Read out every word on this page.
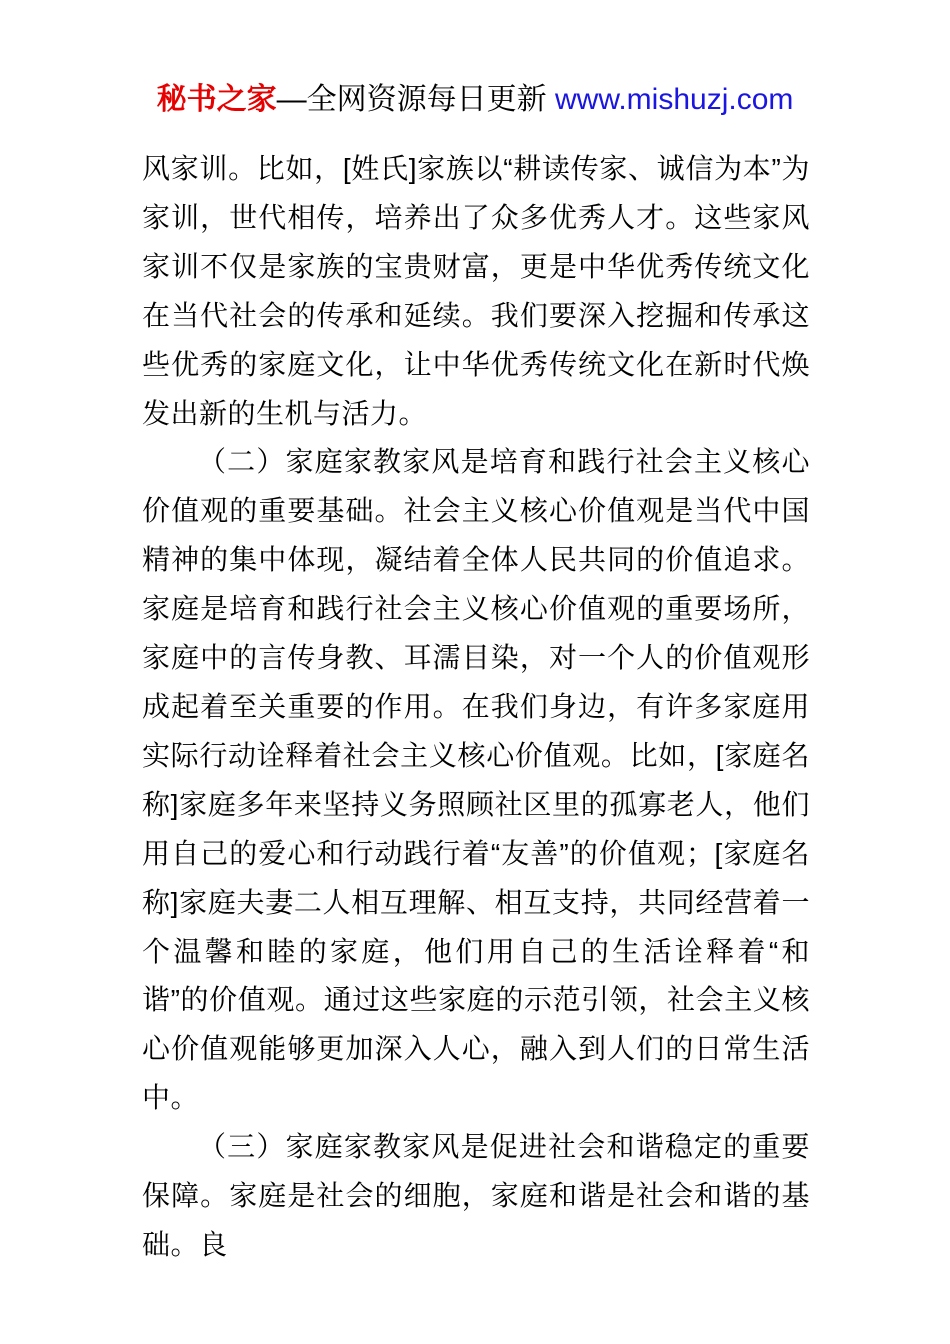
秘书之家—全网资源每日更新 www.mishuzj.com

风家训。比如，[姓氏]家族以“耕读传家、诚信为本”为家训，世代相传，培养出了众多优秀人才。这些家风家训不仅是家族的宝贵财富，更是中华优秀传统文化在当代社会的传承和延续。我们要深入挖掘和传承这些优秀的家庭文化，让中华优秀传统文化在新时代焕发出新的生机与活力。

（二）家庭家教家风是培育和践行社会主义核心价值观的重要基础。社会主义核心价值观是当代中国精神的集中体现，凝结着全体人民共同的价值追求。家庭是培育和践行社会主义核心价值观的重要场所，家庭中的言传身教、耳濡目染，对一个人的价值观形成起着至关重要的作用。在我们身边，有许多家庭用实际行动诠释着社会主义核心价值观。比如，[家庭名称]家庭多年来坚持义务照顾社区里的孤寡老人，他们用自己的爱心和行动践行着“友善”的价值观；[家庭名称]家庭夫妻二人相互理解、相互支持，共同经营着一个温馨和睦的家庭，他们用自己的生活诠释着“和谐”的价值观。通过这些家庭的示范引领，社会主义核心价值观能够更加深入人心，融入到人们的日常生活中。

（三）家庭家教家风是促进社会和谐稳定的重要保障。家庭是社会的细胞，家庭和谐是社会和谐的基础。良
